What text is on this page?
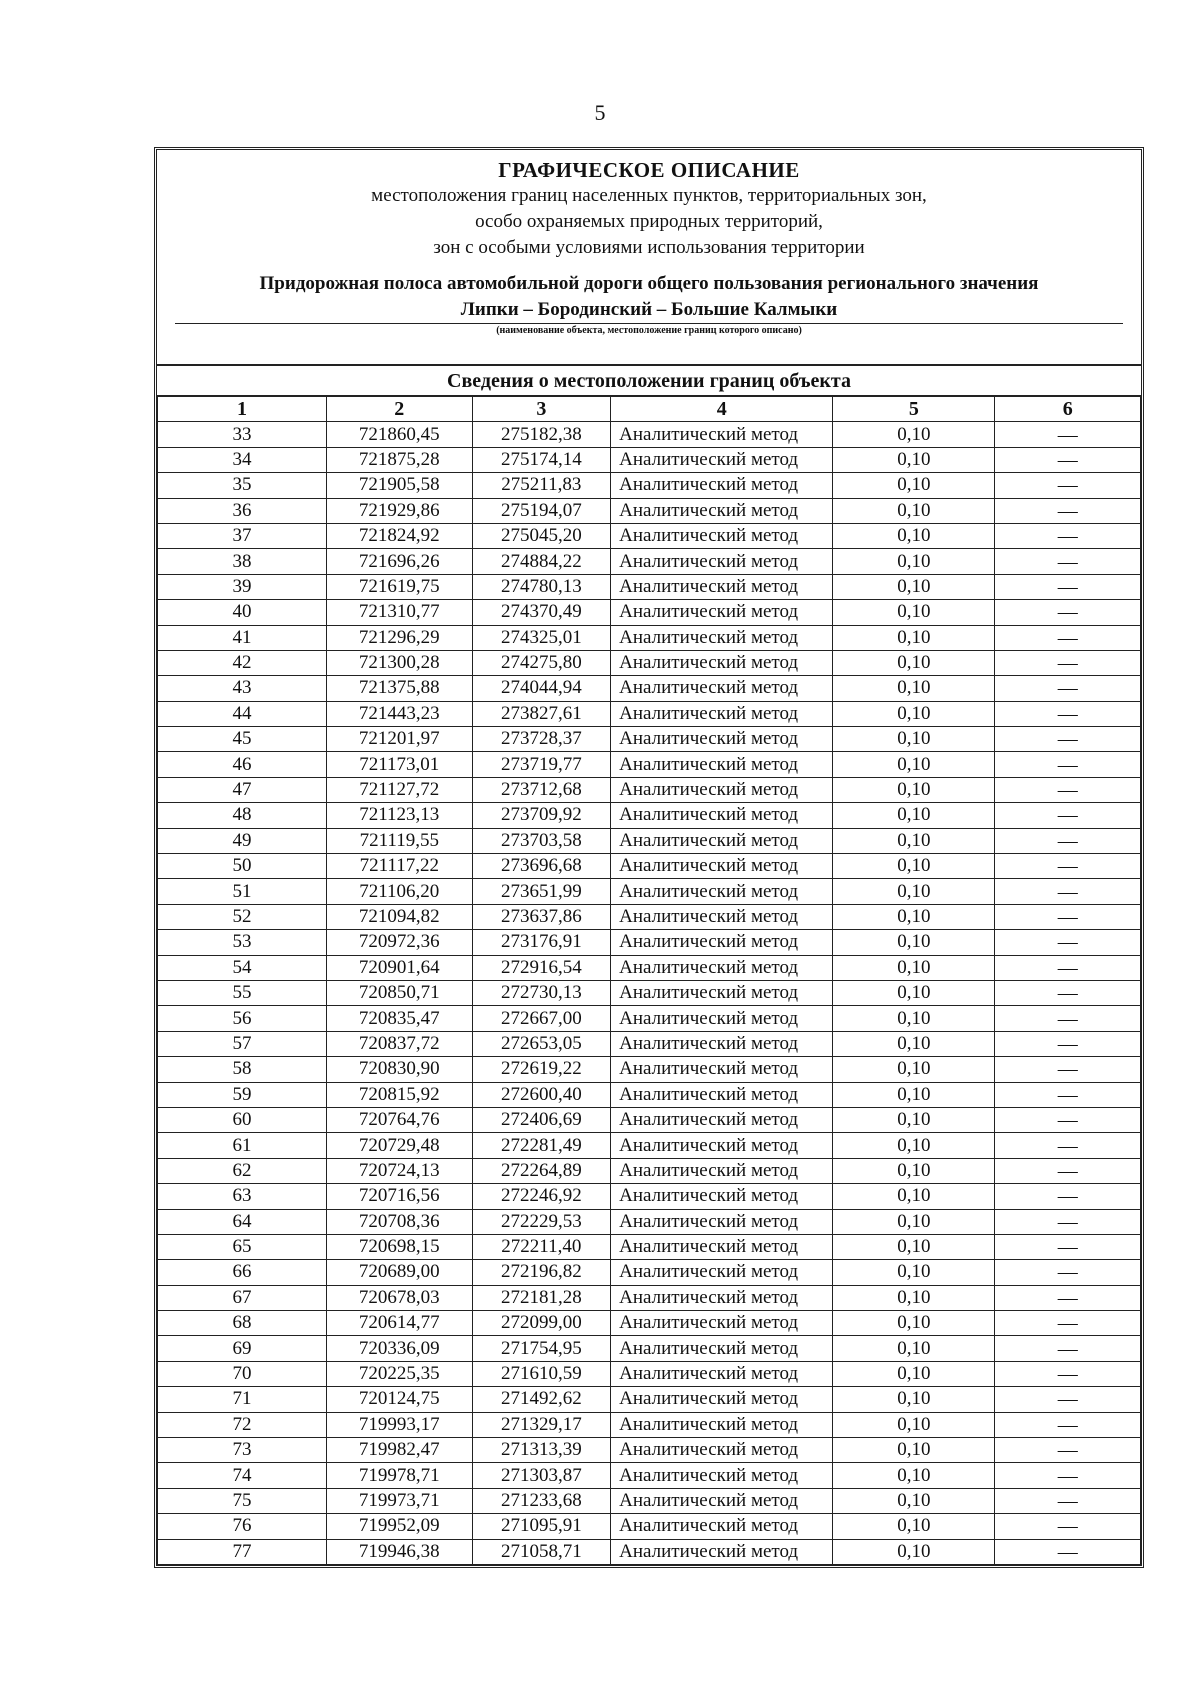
5
ГРАФИЧЕСКОЕ ОПИСАНИЕ
местоположения границ населенных пунктов, территориальных зон,
особо охраняемых природных территорий,
зон с особыми условиями использования территории
Придорожная полоса автомобильной дороги общего пользования регионального значения
Липки – Бородинский – Большие Калмыки
(наименование объекта, местоположение границ которого описано)
Сведения о местоположении границ объекта
1	2	3	4	5	6
33	721860,45	275182,38	Аналитический метод	0,10	—
34	721875,28	275174,14	Аналитический метод	0,10	—
35	721905,58	275211,83	Аналитический метод	0,10	—
36	721929,86	275194,07	Аналитический метод	0,10	—
37	721824,92	275045,20	Аналитический метод	0,10	—
38	721696,26	274884,22	Аналитический метод	0,10	—
39	721619,75	274780,13	Аналитический метод	0,10	—
40	721310,77	274370,49	Аналитический метод	0,10	—
41	721296,29	274325,01	Аналитический метод	0,10	—
42	721300,28	274275,80	Аналитический метод	0,10	—
43	721375,88	274044,94	Аналитический метод	0,10	—
44	721443,23	273827,61	Аналитический метод	0,10	—
45	721201,97	273728,37	Аналитический метод	0,10	—
46	721173,01	273719,77	Аналитический метод	0,10	—
47	721127,72	273712,68	Аналитический метод	0,10	—
48	721123,13	273709,92	Аналитический метод	0,10	—
49	721119,55	273703,58	Аналитический метод	0,10	—
50	721117,22	273696,68	Аналитический метод	0,10	—
51	721106,20	273651,99	Аналитический метод	0,10	—
52	721094,82	273637,86	Аналитический метод	0,10	—
53	720972,36	273176,91	Аналитический метод	0,10	—
54	720901,64	272916,54	Аналитический метод	0,10	—
55	720850,71	272730,13	Аналитический метод	0,10	—
56	720835,47	272667,00	Аналитический метод	0,10	—
57	720837,72	272653,05	Аналитический метод	0,10	—
58	720830,90	272619,22	Аналитический метод	0,10	—
59	720815,92	272600,40	Аналитический метод	0,10	—
60	720764,76	272406,69	Аналитический метод	0,10	—
61	720729,48	272281,49	Аналитический метод	0,10	—
62	720724,13	272264,89	Аналитический метод	0,10	—
63	720716,56	272246,92	Аналитический метод	0,10	—
64	720708,36	272229,53	Аналитический метод	0,10	—
65	720698,15	272211,40	Аналитический метод	0,10	—
66	720689,00	272196,82	Аналитический метод	0,10	—
67	720678,03	272181,28	Аналитический метод	0,10	—
68	720614,77	272099,00	Аналитический метод	0,10	—
69	720336,09	271754,95	Аналитический метод	0,10	—
70	720225,35	271610,59	Аналитический метод	0,10	—
71	720124,75	271492,62	Аналитический метод	0,10	—
72	719993,17	271329,17	Аналитический метод	0,10	—
73	719982,47	271313,39	Аналитический метод	0,10	—
74	719978,71	271303,87	Аналитический метод	0,10	—
75	719973,71	271233,68	Аналитический метод	0,10	—
76	719952,09	271095,91	Аналитический метод	0,10	—
77	719946,38	271058,71	Аналитический метод	0,10	—
